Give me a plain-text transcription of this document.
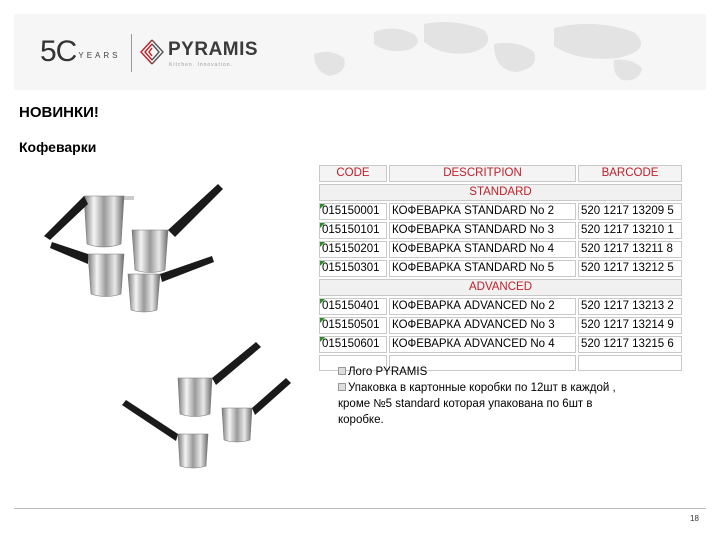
5C YEARS	PYRAMIS
Kitchen. Innovation.
НОВИНКИ!
Кофеварки
CODE	DESCRITPION	BARCODE
STANDARD		

015150001	КОФЕВАРКА STANDARD No 2	520 1217 13209 5

015150101	КОФЕВАРКА STANDARD No 3	520 1217 13210 1

015150201	КОФЕВАРКА STANDARD No 4	520 1217 13211 8

015150301	КОФЕВАРКА STANDARD No 5	520 1217 13212 5
ADVANCED		

015150401	КОФЕВАРКА ADVANCED No 2	520 1217 13213 2

015150501	КОФЕВАРКА ADVANCED No 3	520 1217 13214 9

015150601	КОФЕВАРКА ADVANCED No 4	520 1217 13215 6

Лого PYRAMIS
Упаковка в картонные коробки по 12шт в каждой ,
кроме №5 standard которая упакована по 6шт в
коробке.
18
